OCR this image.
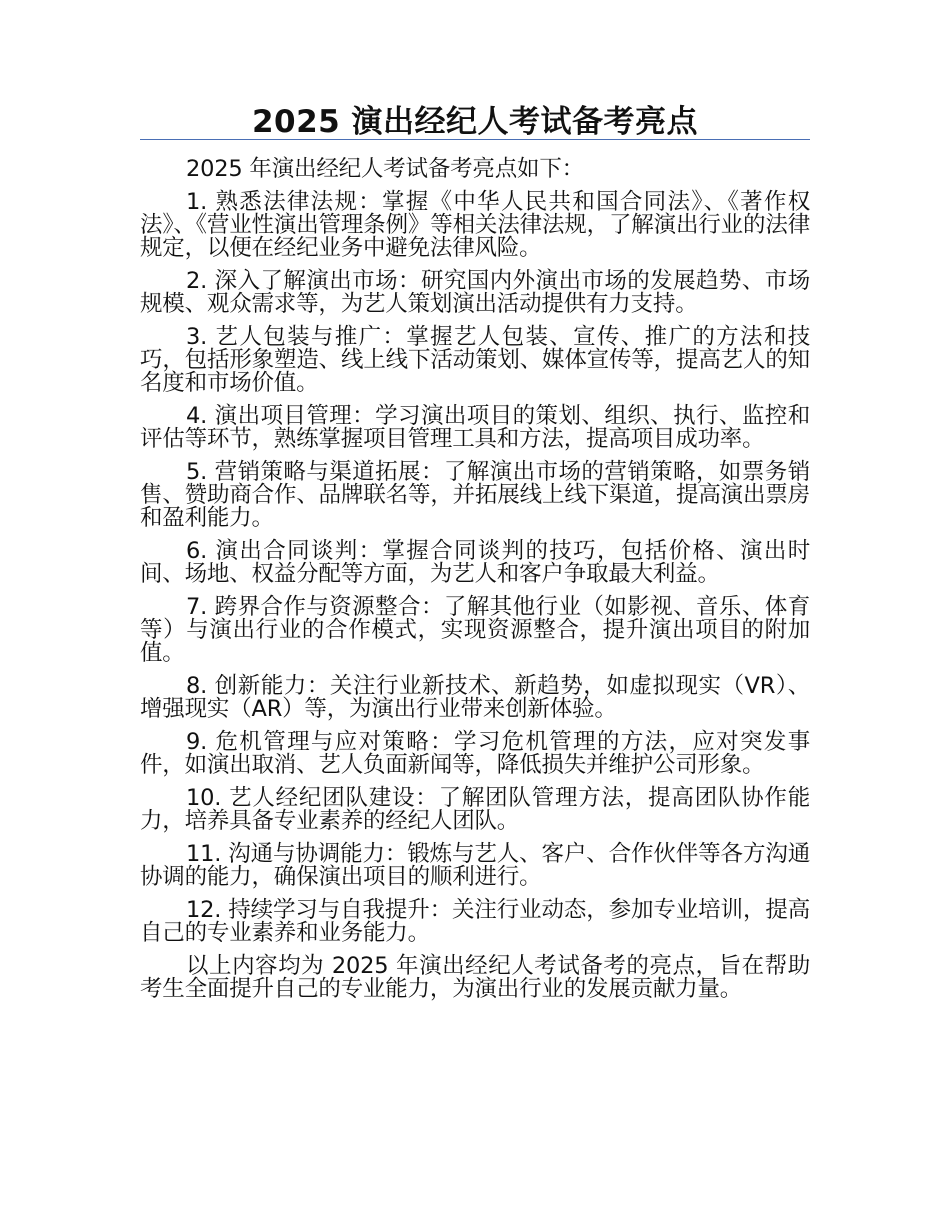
2025 演出经纪人考试备考亮点

2025 年演出经纪人考试备考亮点如下：

1. 熟悉法律法规：掌握《中华人民共和国合同法》、《著作权法》、《营业性演出管理条例》等相关法律法规，了解演出行业的法律规定，以便在经纪业务中避免法律风险。

2. 深入了解演出市场：研究国内外演出市场的发展趋势、市场规模、观众需求等，为艺人策划演出活动提供有力支持。

3. 艺人包装与推广：掌握艺人包装、宣传、推广的方法和技巧，包括形象塑造、线上线下活动策划、媒体宣传等，提高艺人的知名度和市场价值。

4. 演出项目管理：学习演出项目的策划、组织、执行、监控和评估等环节，熟练掌握项目管理工具和方法，提高项目成功率。

5. 营销策略与渠道拓展：了解演出市场的营销策略，如票务销售、赞助商合作、品牌联名等，并拓展线上线下渠道，提高演出票房和盈利能力。

6. 演出合同谈判：掌握合同谈判的技巧，包括价格、演出时间、场地、权益分配等方面，为艺人和客户争取最大利益。

7. 跨界合作与资源整合：了解其他行业（如影视、音乐、体育等）与演出行业的合作模式，实现资源整合，提升演出项目的附加值。

8. 创新能力：关注行业新技术、新趋势，如虚拟现实（VR）、增强现实（AR）等，为演出行业带来创新体验。

9. 危机管理与应对策略：学习危机管理的方法，应对突发事件，如演出取消、艺人负面新闻等，降低损失并维护公司形象。

10. 艺人经纪团队建设：了解团队管理方法，提高团队协作能力，培养具备专业素养的经纪人团队。

11. 沟通与协调能力：锻炼与艺人、客户、合作伙伴等各方沟通协调的能力，确保演出项目的顺利进行。

12. 持续学习与自我提升：关注行业动态，参加专业培训，提高自己的专业素养和业务能力。

以上内容均为 2025 年演出经纪人考试备考的亮点，旨在帮助考生全面提升自己的专业能力，为演出行业的发展贡献力量。
